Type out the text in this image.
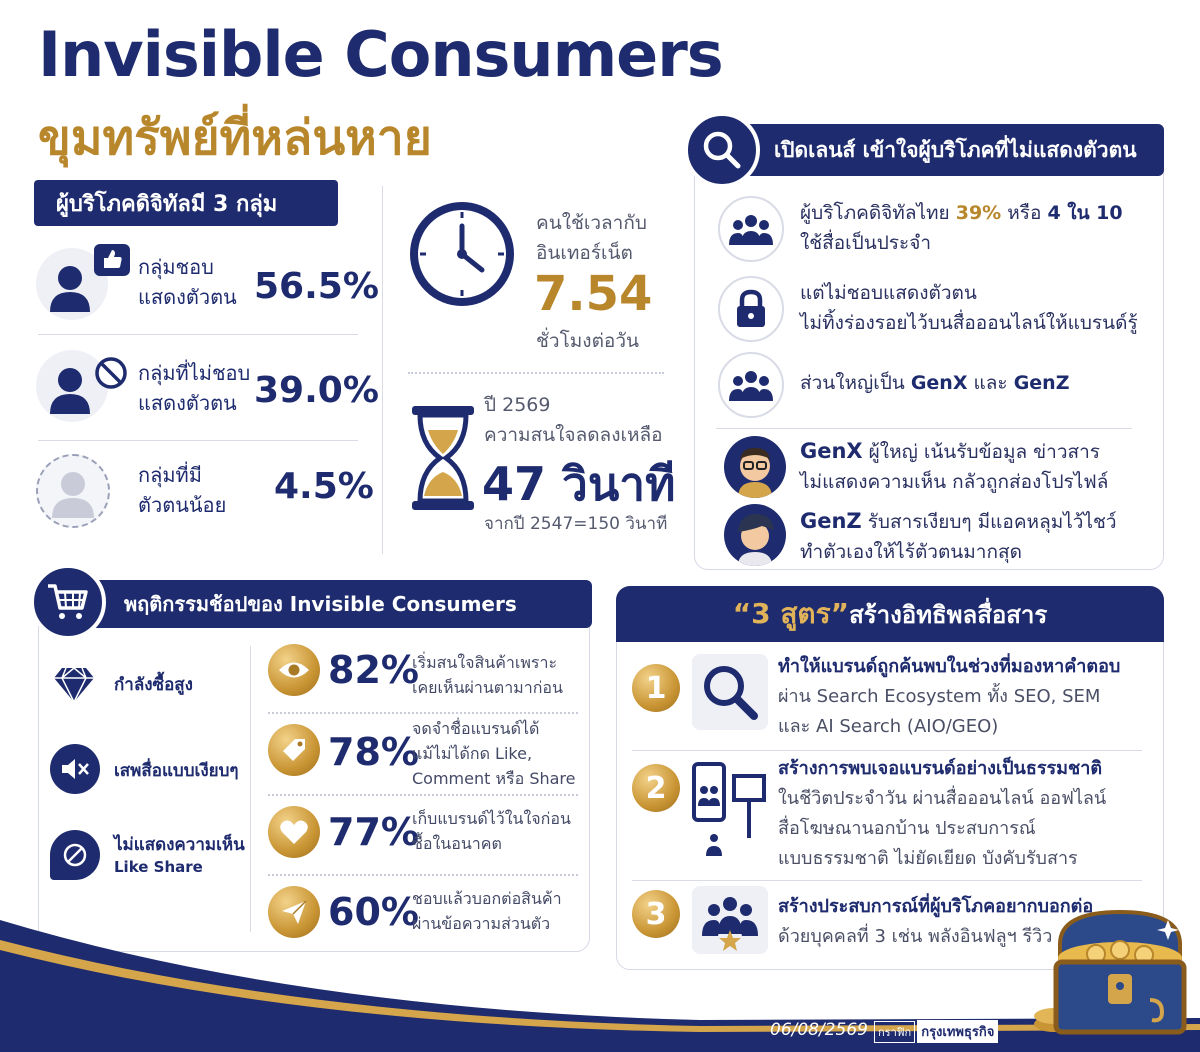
Invisible Consumers
ขุมทรัพย์ที่หล่นหาย
ผู้บริโภคดิจิทัลมี 3 กลุ่ม
กลุ่มชอบ
แสดงตัวตน 56.5%
กลุ่มที่ไม่ชอบ
แสดงตัวตน 39.0%
กลุ่มที่มี
ตัวตนน้อย 4.5%
คนใช้เวลากับ
อินเทอร์เน็ต
7.54
ชั่วโมงต่อวัน
ปี 2569
ความสนใจลดลงเหลือ
47 วินาที
จากปี 2547=150 วินาที
เปิดเลนส์ เข้าใจผู้บริโภคที่ไม่แสดงตัวตน
ผู้บริโภคดิจิทัลไทย 39% หรือ 4 ใน 10
ใช้สื่อเป็นประจำ
แต่ไม่ชอบแสดงตัวตน
ไม่ทิ้งร่องรอยไว้บนสื่อออนไลน์ให้แบรนด์รู้
ส่วนใหญ่เป็น GenX และ GenZ
GenX ผู้ใหญ่ เน้นรับข้อมูล ข่าวสาร
ไม่แสดงความเห็น กลัวถูกส่องโปรไฟล์
GenZ รับสารเงียบๆ มีแอคหลุมไว้ไชว์
ทำตัวเองให้ไร้ตัวตนมากสุด
พฤติกรรมช้อปของ Invisible Consumers
กำลังซื้อสูง
เสพสื่อแบบเงียบๆ
ไม่แสดงความเห็น
Like Share
82%
เริ่มสนใจสินค้าเพราะ
เคยเห็นผ่านตามาก่อน
78%
จดจำชื่อแบรนด์ได้
แม้ไม่ได้กด Like,
Comment หรือ Share
77%
เก็บแบรนด์ไว้ในใจก่อน
ซื้อในอนาคต
60%
ชอบแล้วบอกต่อสินค้า
ผ่านข้อความส่วนตัว
“3 สูตร” สร้างอิทธิพลสื่อสาร
1
ทำให้แบรนด์ถูกค้นพบในช่วงที่มองหาคำตอบ
ผ่าน Search Ecosystem ทั้ง SEO, SEM
และ AI Search (AIO/GEO)
2
สร้างการพบเจอแบรนด์อย่างเป็นธรรมชาติ
ในชีวิตประจำวัน ผ่านสื่อออนไลน์ ออฟไลน์
สื่อโฆษณานอกบ้าน ประสบการณ์
แบบธรรมชาติ ไม่ยัดเยียด บังคับรับสาร
3	สร้างประสบการณ์ที่ผู้บริโภคอยากบอกต่อ
ด้วยบุคคลที่ 3 เช่น พลังอินฟลูฯ รีวิว
06/08/2569 กราฟิก กรุงเทพธุรกิจ
